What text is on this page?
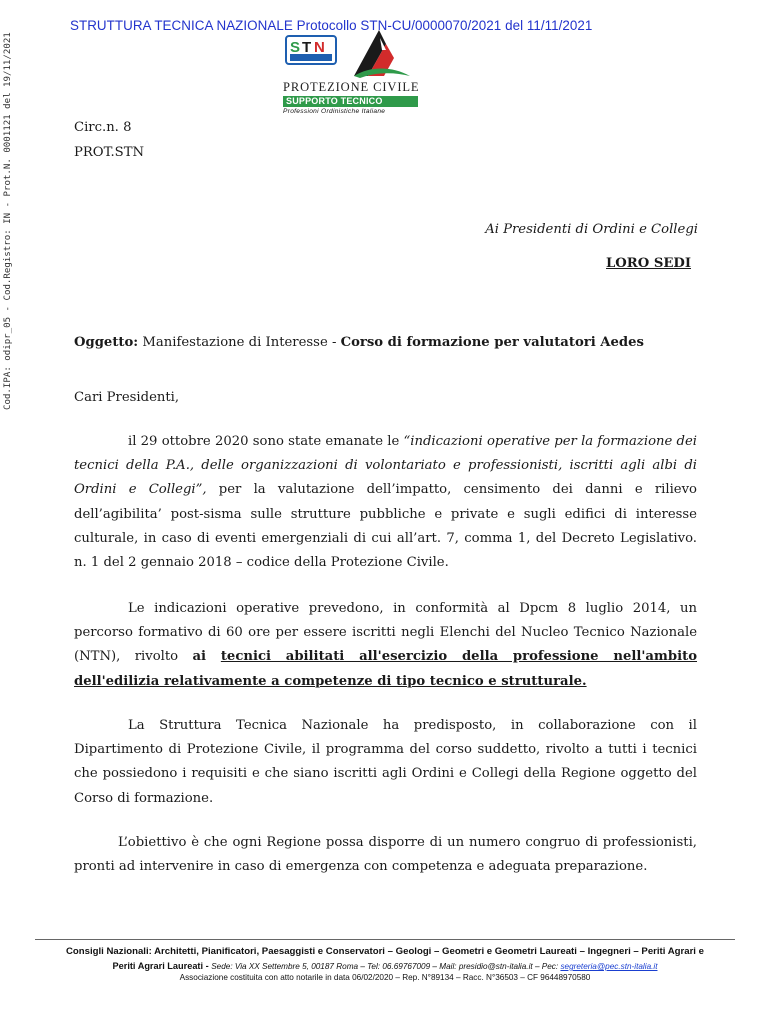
Cod.IPA: odipr_05 - Cod.Registro: IN - Prot.N. 0001121 del 19/11/2021	S T N
PROTEZIONE CIVILE
SUPPORTO TECNICO
Professioni Ordinistiche Italiane
STRUTTURA TECNICA NAZIONALE Protocollo STN-CU/0000070/2021 del 11/11/2021
Circ.n. 8
PROT.STN
Ai Presidenti di Ordini e Collegi
LORO SEDI
Oggetto: Manifestazione di Interesse - Corso di formazione per valutatori Aedes
Cari Presidenti,

il 29 ottobre 2020 sono state emanate le “indicazioni operative per la formazione dei tecnici della P.A., delle organizzazioni di volontariato e professionisti, iscritti agli albi di Ordini e Collegi”, per la valutazione dell’impatto, censimento dei danni e rilievo dell’agibilita’ post-sisma sulle strutture pubbliche e private e sugli edifici di interesse culturale, in caso di eventi emergenziali di cui all’art. 7, comma 1, del Decreto Legislativo. n. 1 del 2 gennaio 2018 – codice della Protezione Civile.

Le indicazioni operative prevedono, in conformità al Dpcm 8 luglio 2014, un percorso formativo di 60 ore per essere iscritti negli Elenchi del Nucleo Tecnico Nazionale (NTN), rivolto ai tecnici abilitati all'esercizio della professione nell'ambito dell'edilizia relativamente a competenze di tipo tecnico e strutturale.

La Struttura Tecnica Nazionale ha predisposto, in collaborazione con il Dipartimento di Protezione Civile, il programma del corso suddetto, rivolto a tutti i tecnici che possiedono i requisiti e che siano iscritti agli Ordini e Collegi della Regione oggetto del Corso di formazione.

L’obiettivo è che ogni Regione possa disporre di un numero congruo di professionisti, pronti ad intervenire in caso di emergenza con competenza e adeguata preparazione.

Consigli Nazionali: Architetti, Pianificatori, Paesaggisti e Conservatori – Geologi – Geometri e Geometri Laureati – Ingegneri – Periti Agrari e
Periti Agrari Laureati - Sede: Via XX Settembre 5, 00187 Roma – Tel: 06.69767009 – Mail: presidio@stn-italia.it – Pec: segreteria@pec.stn-italia.it
Associazione costituita con atto notarile in data 06/02/2020 – Rep. N°89134 – Racc. N°36503 – CF 96448970580
